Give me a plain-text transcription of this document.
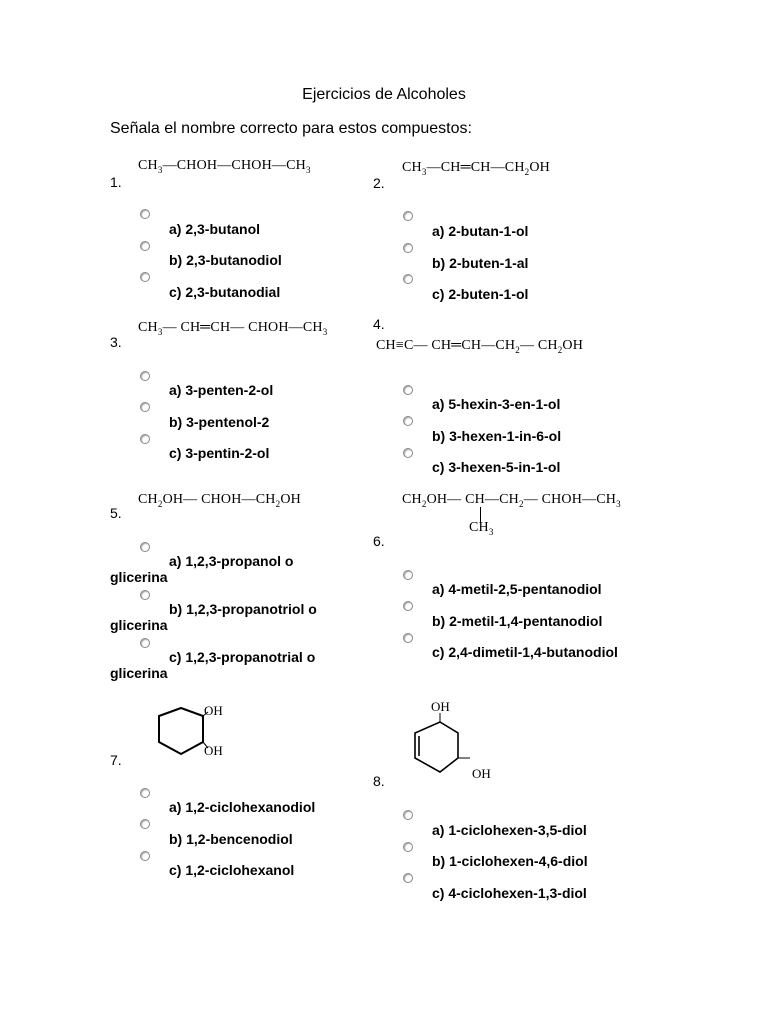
Ejercicios de Alcoholes
Señala el nombre correcto para estos compuestos:
1.
$CH_3—CHOH—CHOH—CH_3$
a) 2,3-butanol
b) 2,3-butanodiol
c) 2,3-butanodial
2.
$CH_3—CH═CH—CH_2OH$
a) 2-butan-1-ol
b) 2-buten-1-al
c) 2-buten-1-ol
3.
$CH_3—$ CH═CH— $CHOH—CH_3$
a) 3-penten-2-ol
b) 3-pentenol-2
c) 3-pentin-2-ol
4.
CH≡C— $CH═CH—CH_2—$ $CH_2OH$
a) 5-hexin-3-en-1-ol
b) 3-hexen-1-in-6-ol
c) 3-hexen-5-in-1-ol
5.
$CH_2OH—$ $CHOH—CH_2OH$
a) 1,2,3-propanol o glicerina
b) 1,2,3-propanotriol o glicerina
c) 1,2,3-propanotrial o glicerina
6.
$CH_2OH—$ $CH—CH_2—$ $CHOH—CH_3$
$CH_3$
a) 4-metil-2,5-pentanodiol
b) 2-metil-1,4-pentanodiol
c) 2,4-dimetil-1,4-butanodiol
7.
OH
OH
a) 1,2-ciclohexanodiol
b) 1,2-bencenodiol
c) 1,2-ciclohexanol
8.
OH
OH
a) 1-ciclohexen-3,5-diol
b) 1-ciclohexen-4,6-diol
c) 4-ciclohexen-1,3-diol
